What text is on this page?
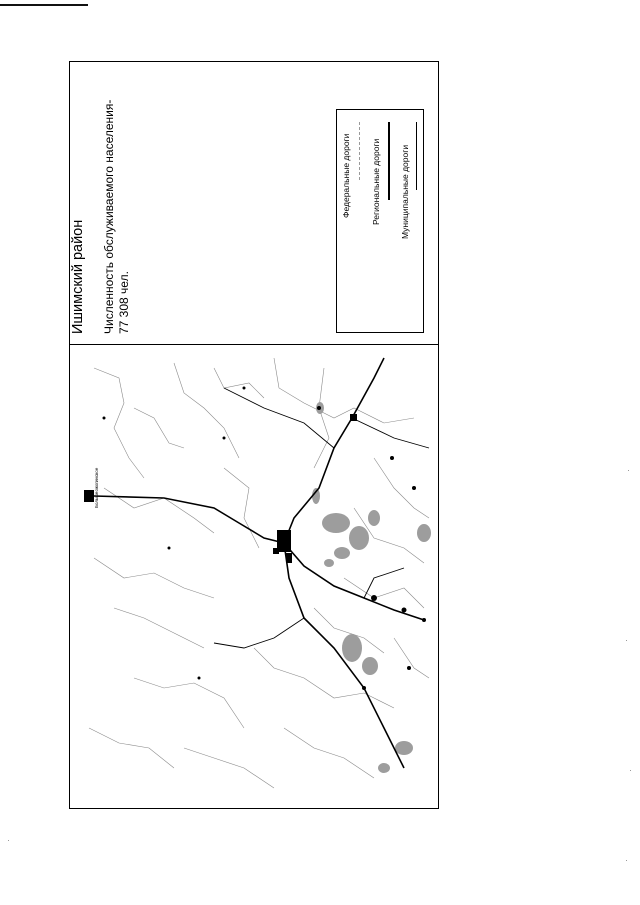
Ишимский район Численность обслуживаемого населения- 77 308 чел.
Федеральные дороги Региональные дороги Муниципальные дороги
Большеожогинское
